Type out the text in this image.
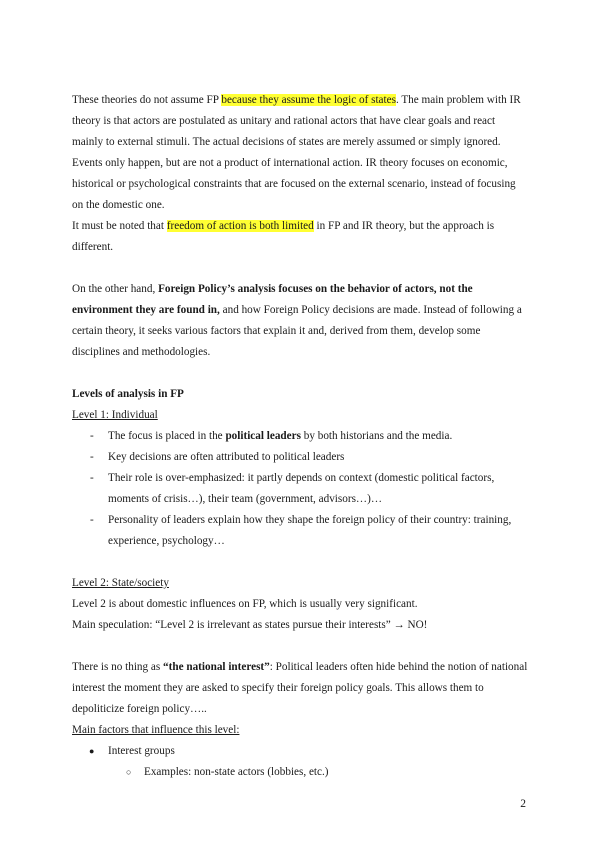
These theories do not assume FP because they assume the logic of states. The main problem with IR theory is that actors are postulated as unitary and rational actors that have clear goals and react mainly to external stimuli. The actual decisions of states are merely assumed or simply ignored. Events only happen, but are not a product of international action. IR theory focuses on economic, historical or psychological constraints that are focused on the external scenario, instead of focusing on the domestic one.

It must be noted that freedom of action is both limited in FP and IR theory, but the approach is different.

On the other hand, Foreign Policy’s analysis focuses on the behavior of actors, not the environment they are found in, and how Foreign Policy decisions are made. Instead of following a certain theory, it seeks various factors that explain it and, derived from them, develop some disciplines and methodologies.

Levels of analysis in FP

Level 1: Individual

- The focus is placed in the political leaders by both historians and the media.
- Key decisions are often attributed to political leaders
- Their role is over-emphasized: it partly depends on context (domestic political factors, moments of crisis…), their team (government, advisors…)…
- Personality of leaders explain how they shape the foreign policy of their country: training, experience, psychology…

Level 2: State/society

Level 2 is about domestic influences on FP, which is usually very significant.

Main speculation: “Level 2 is irrelevant as states pursue their interests” → NO!

There is no thing as “the national interest”: Political leaders often hide behind the notion of national interest the moment they are asked to specify their foreign policy goals. This allows them to depoliticize foreign policy…..

Main factors that influence this level:

● Interest groups
○ Examples: non-state actors (lobbies, etc.)
2
